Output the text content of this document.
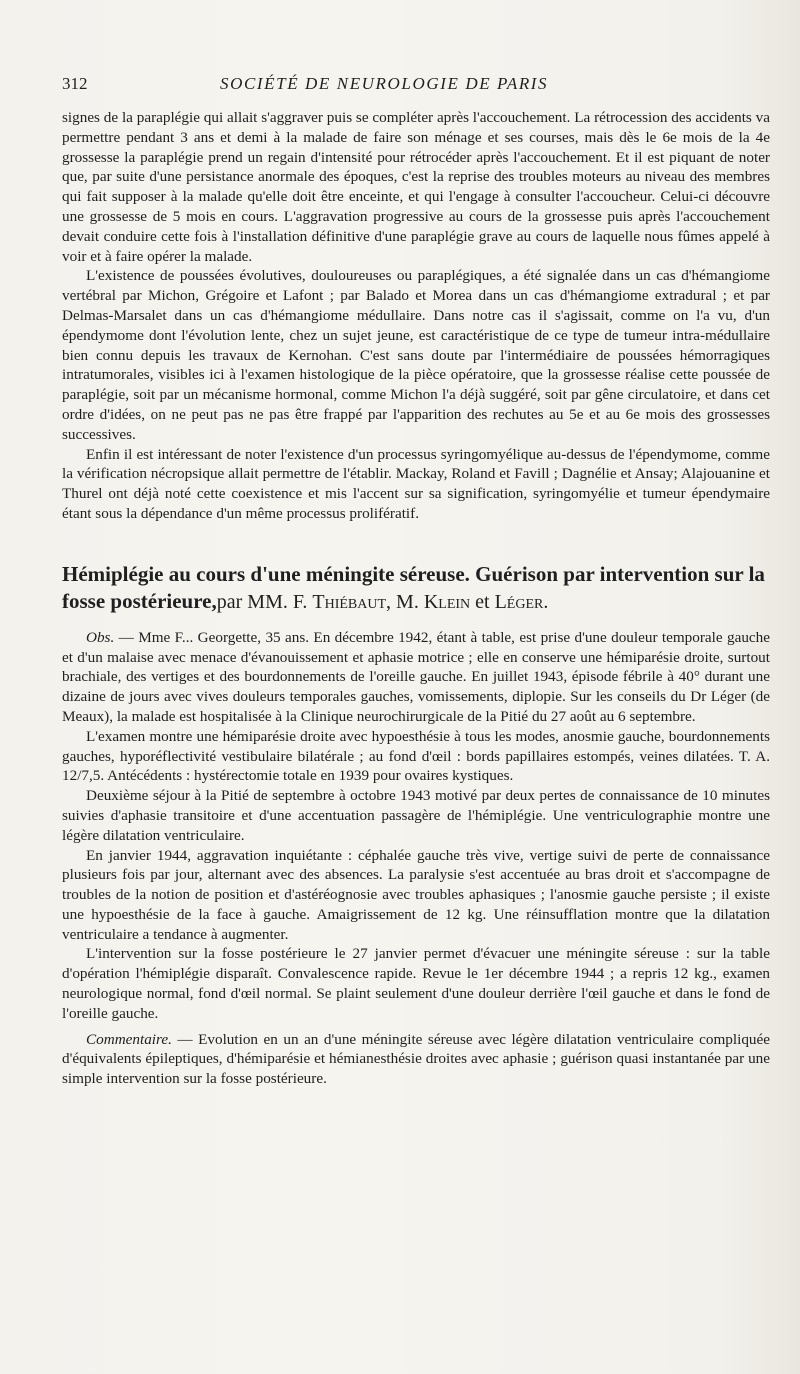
312	SOCIÉTÉ DE NEUROLOGIE DE PARIS

signes de la paraplégie qui allait s'aggraver puis se compléter après l'accouchement. La rétrocession des accidents va permettre pendant 3 ans et demi à la malade de faire son ménage et ses courses, mais dès le 6e mois de la 4e grossesse la paraplégie prend un regain d'intensité pour rétrocéder après l'accouchement. Et il est piquant de noter que, par suite d'une persistance anormale des époques, c'est la reprise des troubles moteurs au niveau des membres qui fait supposer à la malade qu'elle doit être enceinte, et qui l'engage à consulter l'accoucheur. Celui-ci découvre une grossesse de 5 mois en cours. L'aggravation progressive au cours de la grossesse puis après l'accouchement devait conduire cette fois à l'installation définitive d'une paraplégie grave au cours de laquelle nous fûmes appelé à voir et à faire opérer la malade.

L'existence de poussées évolutives, douloureuses ou paraplégiques, a été signalée dans un cas d'hémangiome vertébral par Michon, Grégoire et Lafont ; par Balado et Morea dans un cas d'hémangiome extradural ; et par Delmas-Marsalet dans un cas d'hémangiome médullaire. Dans notre cas il s'agissait, comme on l'a vu, d'un épendymome dont l'évolution lente, chez un sujet jeune, est caractéristique de ce type de tumeur intra-médullaire bien connu depuis les travaux de Kernohan. C'est sans doute par l'intermédiaire de poussées hémorragiques intratumorales, visibles ici à l'examen histologique de la pièce opératoire, que la grossesse réalise cette poussée de paraplégie, soit par un mécanisme hormonal, comme Michon l'a déjà suggéré, soit par gêne circulatoire, et dans cet ordre d'idées, on ne peut pas ne pas être frappé par l'apparition des rechutes au 5e et au 6e mois des grossesses successives.

Enfin il est intéressant de noter l'existence d'un processus syringomyélique au-dessus de l'épendymome, comme la vérification nécropsique allait permettre de l'établir. Mackay, Roland et Favill ; Dagnélie et Ansay; Alajouanine et Thurel ont déjà noté cette coexistence et mis l'accent sur sa signification, syringomyélie et tumeur épendymaire étant sous la dépendance d'un même processus prolifératif.

Hémiplégie au cours d'une méningite séreuse. Guérison par intervention sur la fosse postérieure,par MM. F. Thiébaut, M. Klein et Léger.

Obs. — Mme F... Georgette, 35 ans. En décembre 1942, étant à table, est prise d'une douleur temporale gauche et d'un malaise avec menace d'évanouissement et aphasie motrice ; elle en conserve une hémiparésie droite, surtout brachiale, des vertiges et des bourdonnements de l'oreille gauche. En juillet 1943, épisode fébrile à 40° durant une dizaine de jours avec vives douleurs temporales gauches, vomissements, diplopie. Sur les conseils du Dr Léger (de Meaux), la malade est hospitalisée à la Clinique neurochirurgicale de la Pitié du 27 août au 6 septembre.

L'examen montre une hémiparésie droite avec hypoesthésie à tous les modes, anosmie gauche, bourdonnements gauches, hyporéflectivité vestibulaire bilatérale ; au fond d'œil : bords papillaires estompés, veines dilatées. T. A. 12/7,5. Antécédents : hystérectomie totale en 1939 pour ovaires kystiques.

Deuxième séjour à la Pitié de septembre à octobre 1943 motivé par deux pertes de connaissance de 10 minutes suivies d'aphasie transitoire et d'une accentuation passagère de l'hémiplégie. Une ventriculographie montre une légère dilatation ventriculaire.

En janvier 1944, aggravation inquiétante : céphalée gauche très vive, vertige suivi de perte de connaissance plusieurs fois par jour, alternant avec des absences. La paralysie s'est accentuée au bras droit et s'accompagne de troubles de la notion de position et d'astéréognosie avec troubles aphasiques ; l'anosmie gauche persiste ; il existe une hypoesthésie de la face à gauche. Amaigrissement de 12 kg. Une réinsufflation montre que la dilatation ventriculaire a tendance à augmenter.

L'intervention sur la fosse postérieure le 27 janvier permet d'évacuer une méningite séreuse : sur la table d'opération l'hémiplégie disparaît. Convalescence rapide. Revue le 1er décembre 1944 ; a repris 12 kg., examen neurologique normal, fond d'œil normal. Se plaint seulement d'une douleur derrière l'œil gauche et dans le fond de l'oreille gauche.

Commentaire. — Evolution en un an d'une méningite séreuse avec légère dilatation ventriculaire compliquée d'équivalents épileptiques, d'hémiparésie et hémianesthésie droites avec aphasie ; guérison quasi instantanée par une simple intervention sur la fosse postérieure.
